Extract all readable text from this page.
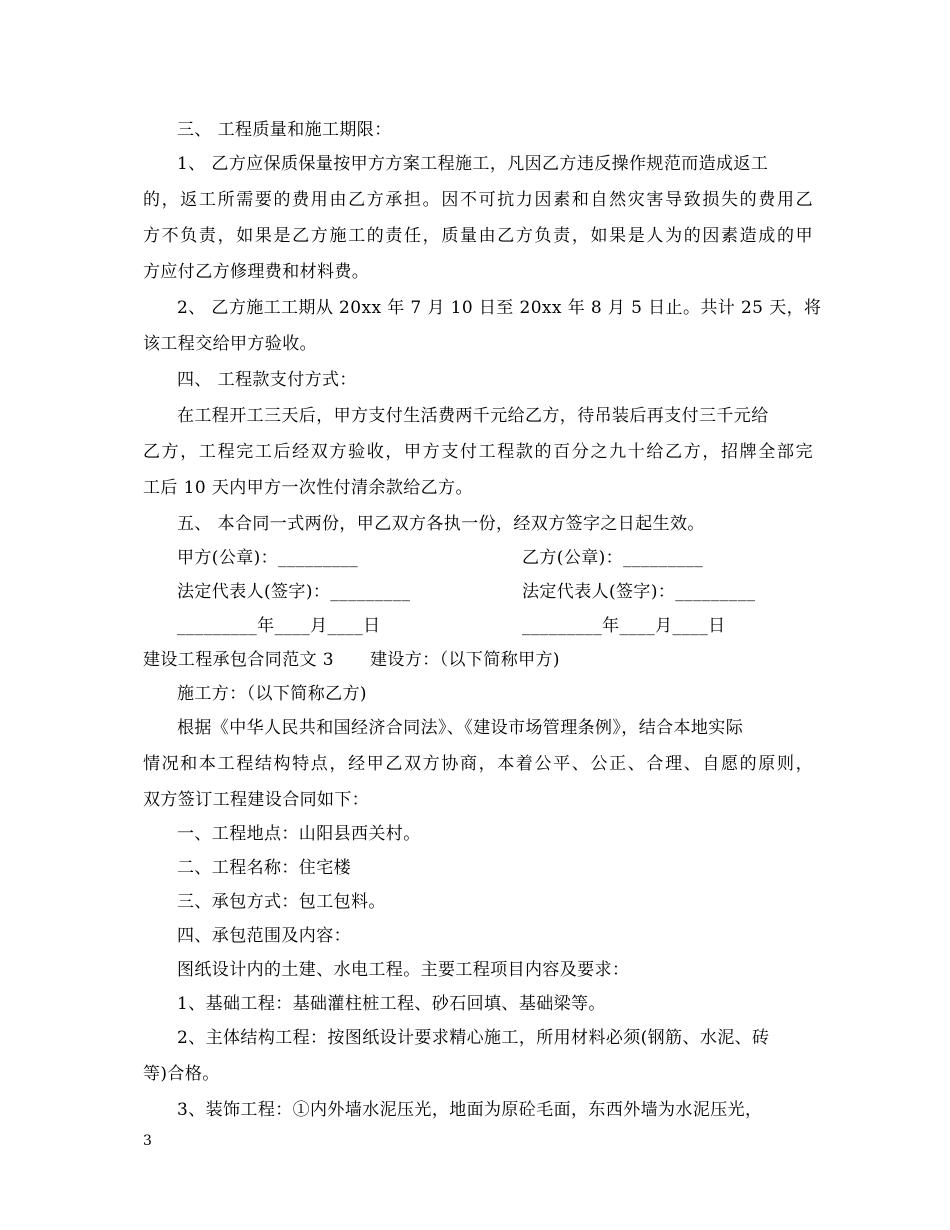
三、 工程质量和施工期限：
1、 乙方应保质保量按甲方方案工程施工，凡因乙方违反操作规范而造成返工
的，返工所需要的费用由乙方承担。因不可抗力因素和自然灾害导致损失的费用乙
方不负责，如果是乙方施工的责任，质量由乙方负责，如果是人为的因素造成的甲
方应付乙方修理费和材料费。
2、 乙方施工工期从 20xx 年 7 月 10 日至 20xx 年 8 月 5 日止。共计 25 天，将
该工程交给甲方验收。
四、 工程款支付方式：
在工程开工三天后，甲方支付生活费两千元给乙方，待吊装后再支付三千元给
乙方，工程完工后经双方验收，甲方支付工程款的百分之九十给乙方，招牌全部完
工后 10 天内甲方一次性付清余款给乙方。
五、 本合同一式两份，甲乙双方各执一份，经双方签字之日起生效。
甲方(公章)：_________	乙方(公章)：_________
法定代表人(签字)：_________	法定代表人(签字)：_________
_________年____月____日	_________年____月____日
建设工程承包合同范文 3 建设方：（以下简称甲方)
施工方：（以下简称乙方)
根据《中华人民共和国经济合同法》、《建设市场管理条例》，结合本地实际
情况和本工程结构特点，经甲乙双方协商，本着公平、公正、合理、自愿的原则，
双方签订工程建设合同如下：
一、工程地点：山阳县西关村。
二、工程名称：住宅楼
三、承包方式：包工包料。
四、承包范围及内容：
图纸设计内的土建、水电工程。主要工程项目内容及要求：
1、基础工程：基础灌柱桩工程、砂石回填、基础梁等。
2、主体结构工程：按图纸设计要求精心施工，所用材料必须(钢筋、水泥、砖
等)合格。
3、装饰工程：①内外墙水泥压光，地面为原砼毛面，东西外墙为水泥压光，
3
